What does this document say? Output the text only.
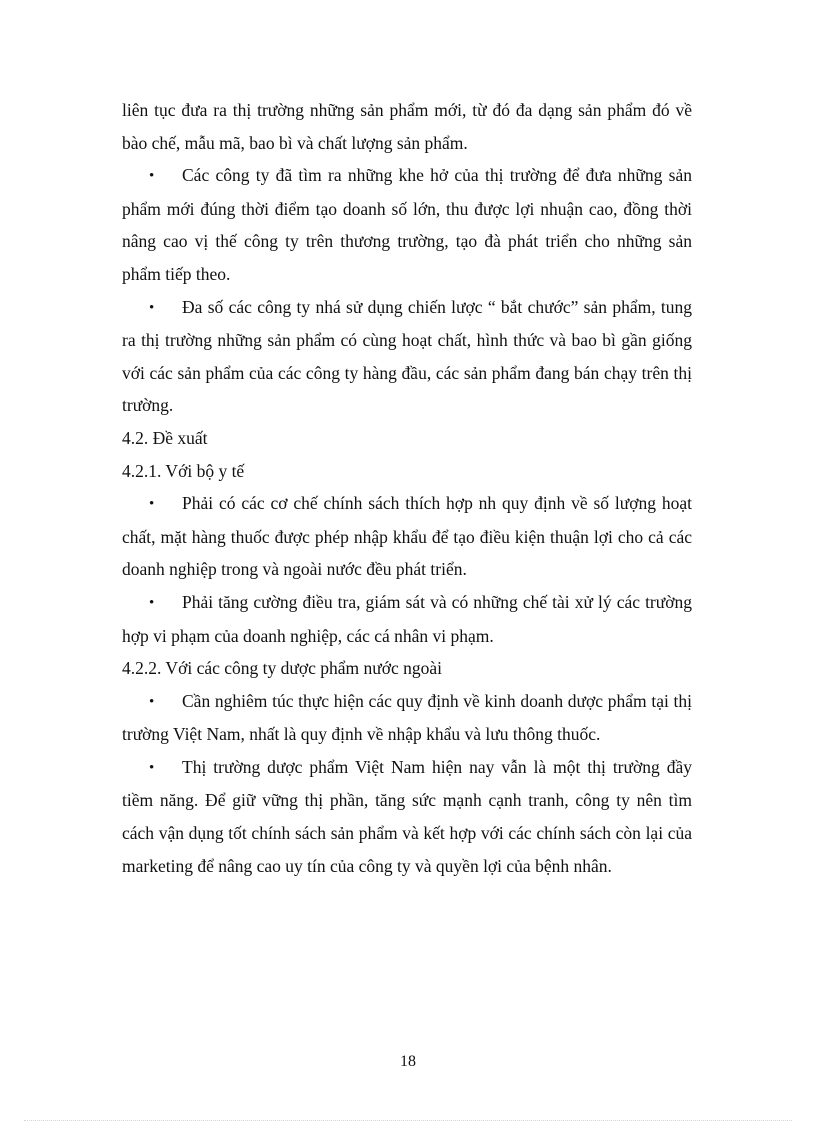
liên tục đưa ra thị trường những sản phẩm mới, từ đó đa dạng sản phẩm đó về bào chế, mẫu mã, bao bì và chất lượng sản phẩm.

• Các công ty đã tìm ra những khe hở của thị trường để đưa những sản phẩm mới đúng thời điểm tạo doanh số lớn, thu được lợi nhuận cao, đồng thời nâng cao vị thế công ty trên thương trường, tạo đà phát triển cho những sản phẩm tiếp theo.

• Đa số các công ty nhá sử dụng chiến lược “ bắt chước” sản phẩm, tung ra thị trường những sản phẩm có cùng hoạt chất, hình thức và bao bì gần giống với các sản phẩm của các công ty hàng đầu, các sản phẩm đang bán chạy trên thị trường.

4.2. Đề xuất

4.2.1. Với bộ y tế

• Phải có các cơ chế chính sách thích hợp nh quy định về số lượng hoạt chất, mặt hàng thuốc được phép nhập khẩu để tạo điều kiện thuận lợi cho cả các doanh nghiệp trong và ngoài nước đều phát triển.

• Phải tăng cường điều tra, giám sát và có những chế tài xử lý các trường hợp vi phạm của doanh nghiệp, các cá nhân vi phạm.

4.2.2. Với các công ty dược phẩm nước ngoài

• Cần nghiêm túc thực hiện các quy định về kinh doanh dược phẩm tại thị trường Việt Nam, nhất là quy định về nhập khẩu và lưu thông thuốc.

• Thị trường dược phẩm Việt Nam hiện nay vẫn là một thị trường đầy tiềm năng. Để giữ vững thị phần, tăng sức mạnh cạnh tranh, công ty nên tìm cách vận dụng tốt chính sách sản phẩm và kết hợp với các chính sách còn lại của marketing để nâng cao uy tín của công ty và quyền lợi của bệnh nhân.

18
